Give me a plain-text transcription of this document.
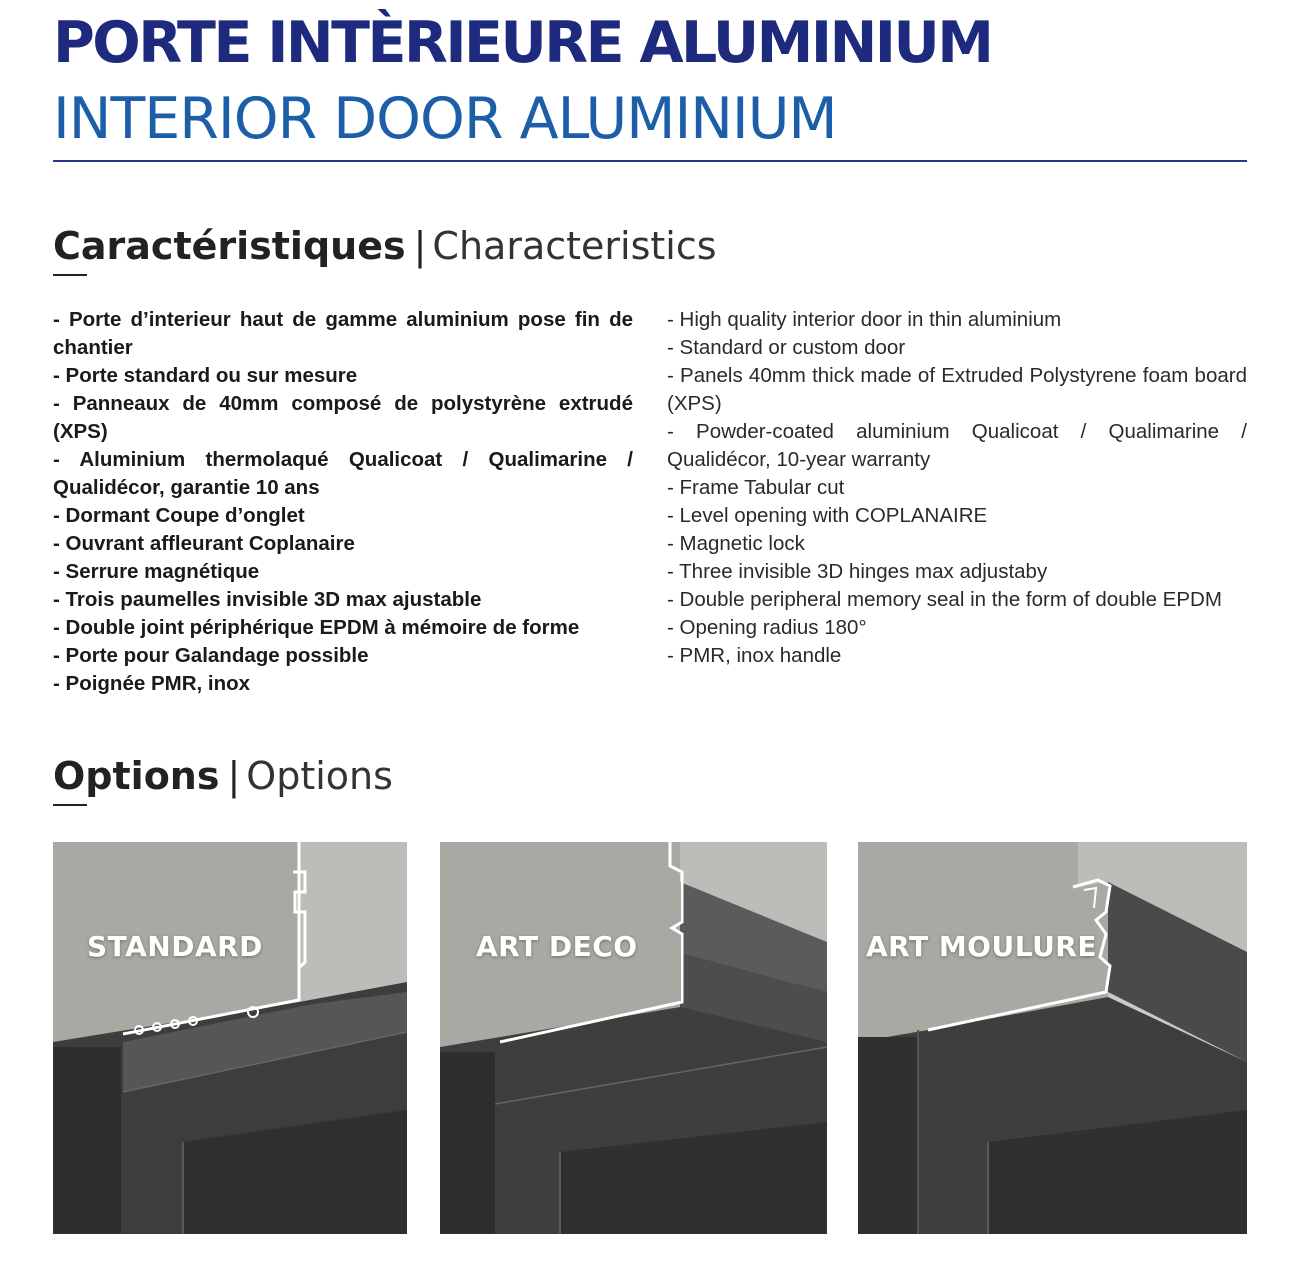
PORTE INTÈRIEURE ALUMINIUM
INTERIOR DOOR ALUMINIUM
Caractéristiques | Characteristics

- Porte d’interieur haut de gamme aluminium pose fin de chantier

- Porte standard ou sur mesure

- Panneaux de 40mm composé de polystyrène extrudé (XPS)

- Aluminium thermolaqué Qualicoat / Qualimarine / Qualidécor, garantie 10 ans

- Dormant Coupe d’onglet

- Ouvrant affleurant Coplanaire

- Serrure magnétique

- Trois paumelles invisible 3D max ajustable

- Double joint périphérique EPDM à mémoire de forme

- Porte pour Galandage possible

- Poignée PMR, inox

- High quality interior door in thin aluminium

- Standard or custom door

- Panels 40mm thick made of Extruded Polystyrene foam board (XPS)

- Powder-coated aluminium Qualicoat / Qualimarine / Qualidécor, 10-year warranty

- Frame Tabular cut

- Level opening with COPLANAIRE

- Magnetic lock

- Three invisible 3D hinges max adjustaby

- Double peripheral memory seal in the form of double EPDM

- Opening radius 180°

- PMR, inox handle

Options | Options
STANDARD	ART DECO	ART MOULURE
